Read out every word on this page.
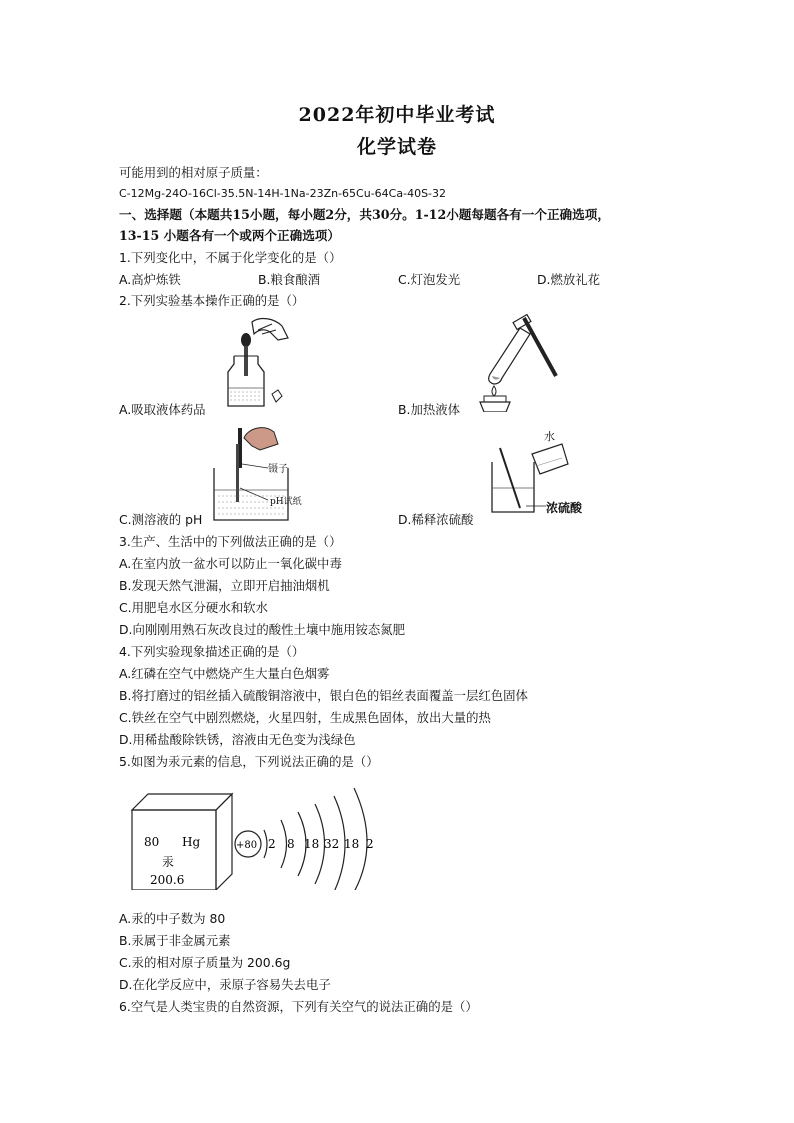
2022年初中毕业考试
化学试卷
可能用到的相对原子质量：
C-12Mg-24O-16Cl-35.5N-14H-1Na-23Zn-65Cu-64Ca-40S-32
一、选择题（本题共15小题，每小题2分，共30分。1-12小题每题各有一个正确选项，
13-15 小题各有一个或两个正确选项）
1.下列变化中，不属于化学变化的是（）
A.高炉炼铁	B.粮食酿酒	C.灯泡发光	D.燃放礼花
2.下列实验基本操作正确的是（）
A.吸取液体药品	B.加热液体
镊子
pH试纸
C.测溶液的 pH
水
浓硫酸
D.稀释浓硫酸
3.生产、生活中的下列做法正确的是（）
A.在室内放一盆水可以防止一氧化碳中毒
B.发现天然气泄漏，立即开启抽油烟机
C.用肥皂水区分硬水和软水
D.向刚刚用熟石灰改良过的酸性土壤中施用铵态氮肥
4.下列实验现象描述正确的是（）
A.红磷在空气中燃烧产生大量白色烟雾
B.将打磨过的铝丝插入硫酸铜溶液中，银白色的铝丝表面覆盖一层红色固体
C.铁丝在空气中剧烈燃烧，火星四射，生成黑色固体，放出大量的热
D.用稀盐酸除铁锈，溶液由无色变为浅绿色
5.如图为汞元素的信息，下列说法正确的是（）
80 Hg
汞
200.6
+80 2 8 18 32 18 2
A.汞的中子数为 80
B.汞属于非金属元素
C.汞的相对原子质量为 200.6g
D.在化学反应中，汞原子容易失去电子
6.空气是人类宝贵的自然资源，下列有关空气的说法正确的是（）
